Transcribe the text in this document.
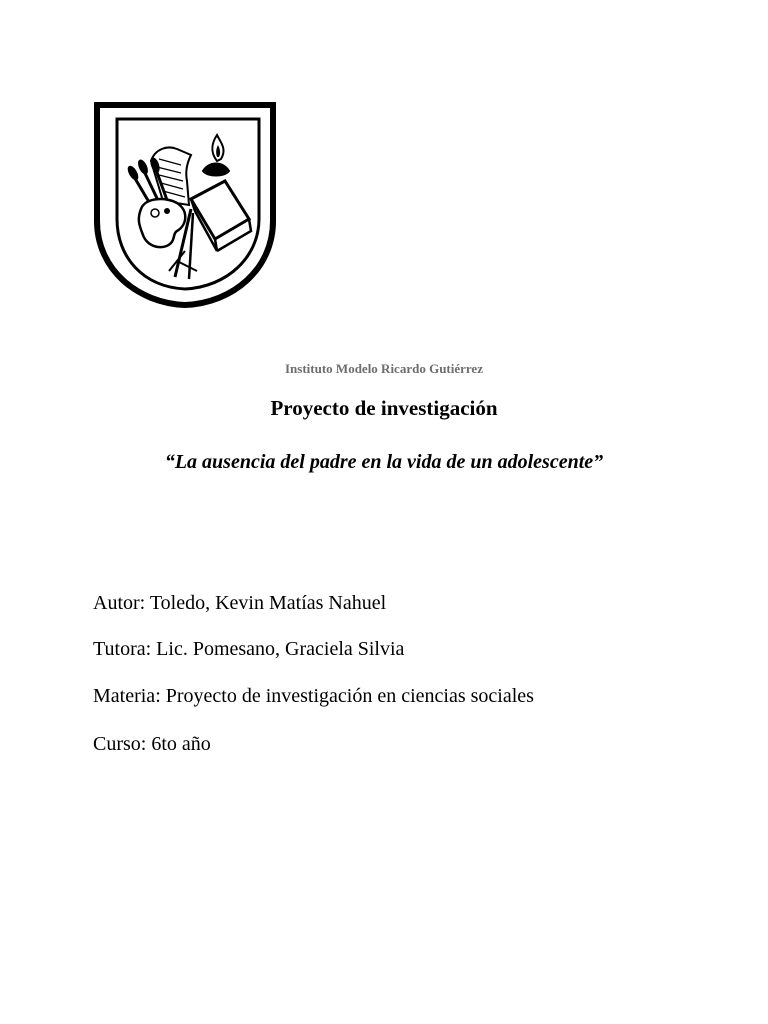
Instituto Modelo Ricardo Gutiérrez
Proyecto de investigación
“La ausencia del padre en la vida de un adolescente”
Autor: Toledo, Kevin Matías Nahuel
Tutora: Lic. Pomesano, Graciela Silvia
Materia: Proyecto de investigación en ciencias sociales
Curso: 6to año
